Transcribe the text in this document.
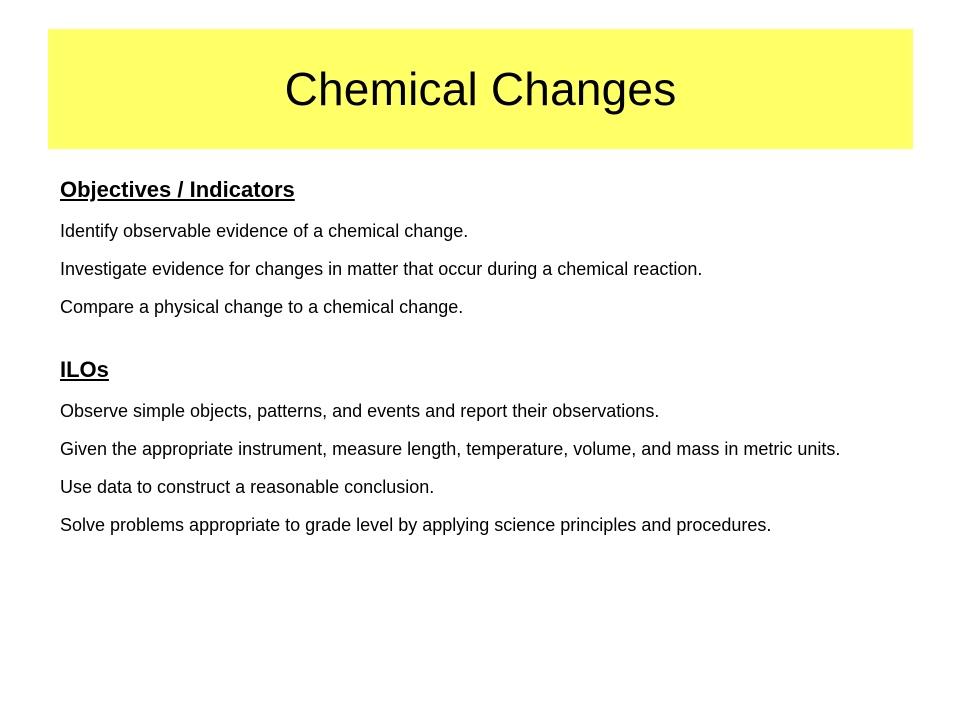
Chemical Changes
Objectives / Indicators
Identify observable evidence of a chemical change.
Investigate evidence for changes in matter that occur during a chemical reaction.
Compare a physical change to a chemical change.
ILOs
Observe simple objects, patterns, and events and report their observations.
Given the appropriate instrument, measure length, temperature, volume, and mass in metric units.
Use data to construct a reasonable conclusion.
Solve problems appropriate to grade level by applying science principles and procedures.
